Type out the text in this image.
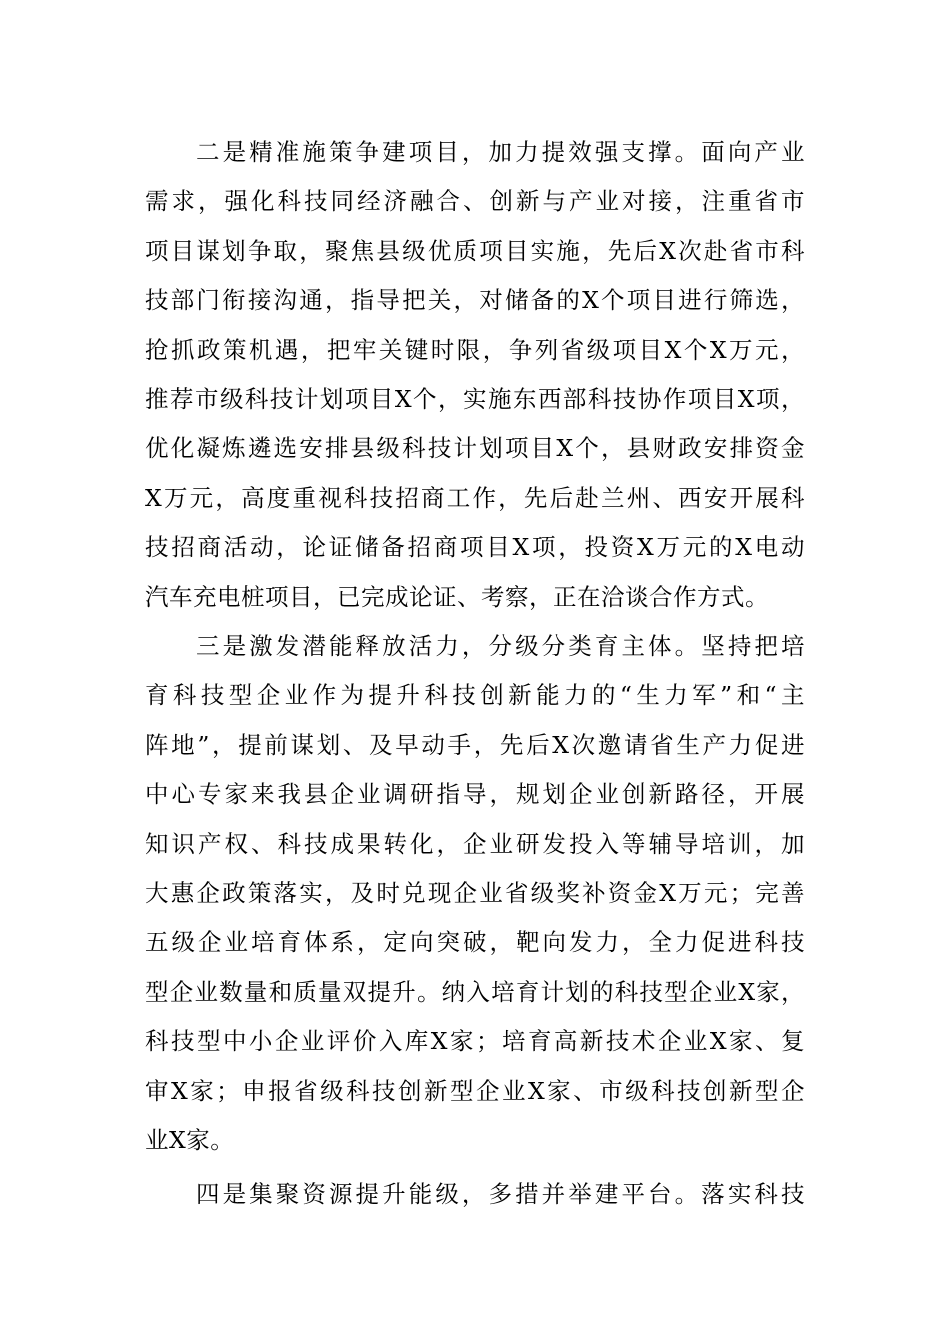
二是精准施策争建项目，加力提效强支撑。面向产业
需求，强化科技同经济融合、创新与产业对接，注重省市
项目谋划争取，聚焦县级优质项目实施，先后X次赴省市科
技部门衔接沟通，指导把关，对储备的X个项目进行筛选，
抢抓政策机遇，把牢关键时限，争列省级项目X个X万元，
推荐市级科技计划项目X个，实施东西部科技协作项目X项，
优化凝炼遴选安排县级科技计划项目X个，县财政安排资金
X万元，高度重视科技招商工作，先后赴兰州、西安开展科
技招商活动，论证储备招商项目X项，投资X万元的X电动
汽车充电桩项目，已完成论证、考察，正在洽谈合作方式。
三是激发潜能释放活力，分级分类育主体。坚持把培
育科技型企业作为提升科技创新能力的“生力军”和“主
阵地”，提前谋划、及早动手，先后X次邀请省生产力促进
中心专家来我县企业调研指导，规划企业创新路径，开展
知识产权、科技成果转化，企业研发投入等辅导培训，加
大惠企政策落实，及时兑现企业省级奖补资金X万元；完善
五级企业培育体系，定向突破，靶向发力，全力促进科技
型企业数量和质量双提升。纳入培育计划的科技型企业X家，
科技型中小企业评价入库X家；培育高新技术企业X家、复
审X家；申报省级科技创新型企业X家、市级科技创新型企
业X家。
四是集聚资源提升能级，多措并举建平台。落实科技
